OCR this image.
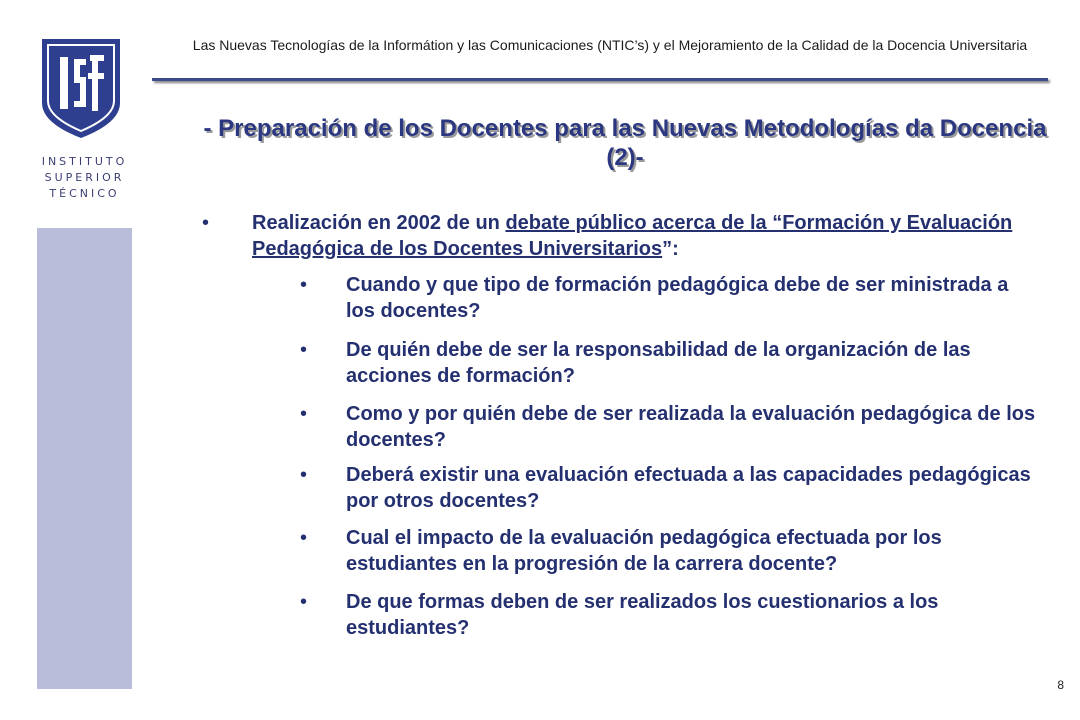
INSTITUTO
SUPERIOR
TÉCNICO
Las Nuevas Tecnologías de la Informátion y las Comunicaciones (NTIC’s) y el Mejoramiento de la Calidad de la Docencia Universitaria
- Preparación de los Docentes para las Nuevas Metodologías da Docencia (2)-
• Realización en 2002 de un debate público acerca de la “Formación y Evaluación Pedagógica de los Docentes Universitarios”:
• Cuando y que tipo de formación pedagógica debe de ser ministrada a los docentes?
• De quién debe de ser la responsabilidad de la organización de las acciones de formación?
• Como y por quién debe de ser realizada la evaluación pedagógica de los docentes?
• Deberá existir una evaluación efectuada a las capacidades pedagógicas por otros docentes?
• Cual el impacto de la evaluación pedagógica efectuada por los estudiantes en la progresión de la carrera docente?
• De que formas deben de ser realizados los cuestionarios a los estudiantes?
8
